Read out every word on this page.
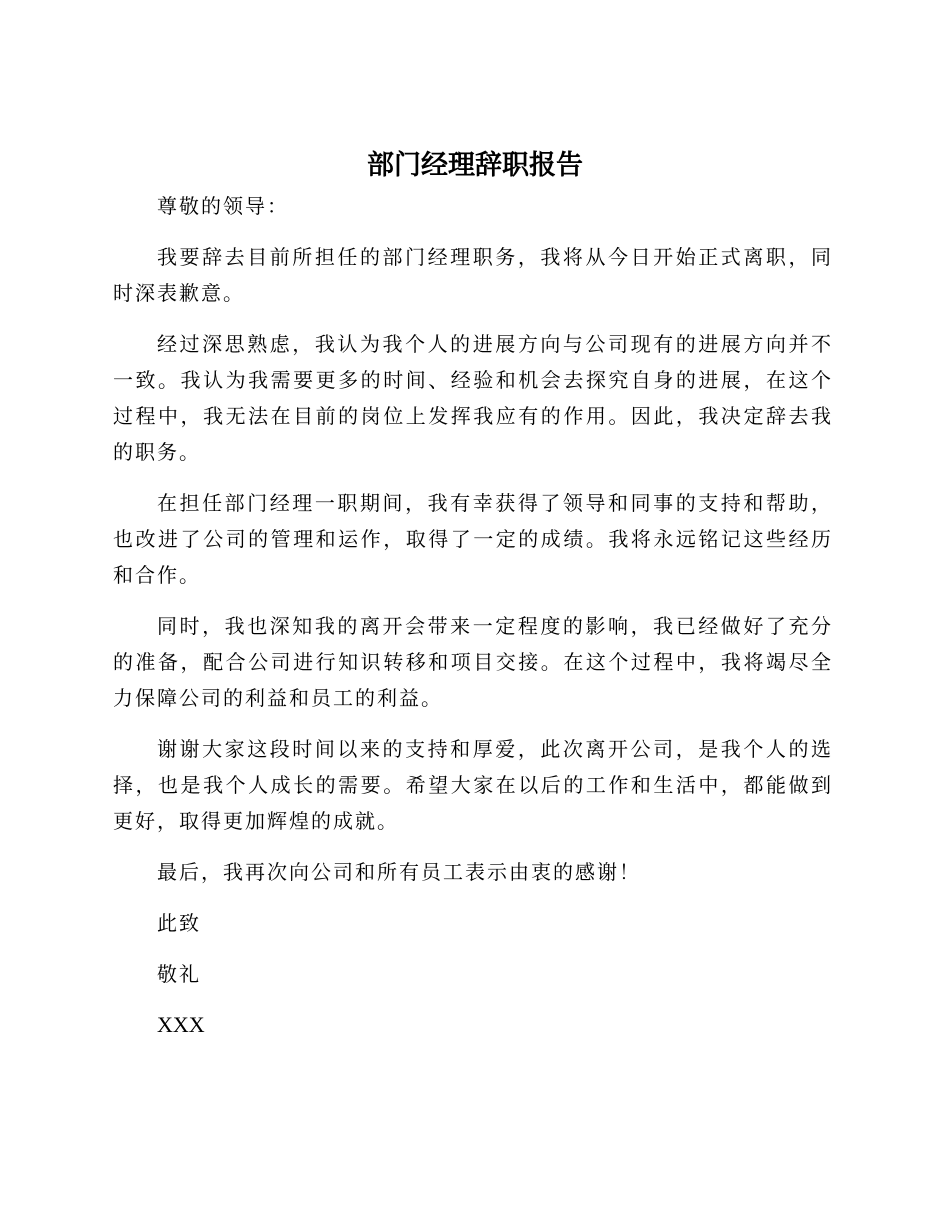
部门经理辞职报告

尊敬的领导：

我要辞去目前所担任的部门经理职务，我将从今日开始正式离职，同时深表歉意。

经过深思熟虑，我认为我个人的进展方向与公司现有的进展方向并不一致。我认为我需要更多的时间、经验和机会去探究自身的进展，在这个过程中，我无法在目前的岗位上发挥我应有的作用。因此，我决定辞去我的职务。

在担任部门经理一职期间，我有幸获得了领导和同事的支持和帮助，也改进了公司的管理和运作，取得了一定的成绩。我将永远铭记这些经历和合作。

同时，我也深知我的离开会带来一定程度的影响，我已经做好了充分的准备，配合公司进行知识转移和项目交接。在这个过程中，我将竭尽全力保障公司的利益和员工的利益。

谢谢大家这段时间以来的支持和厚爱，此次离开公司，是我个人的选择，也是我个人成长的需要。希望大家在以后的工作和生活中，都能做到更好，取得更加辉煌的成就。

最后，我再次向公司和所有员工表示由衷的感谢！

此致

敬礼

XXX
